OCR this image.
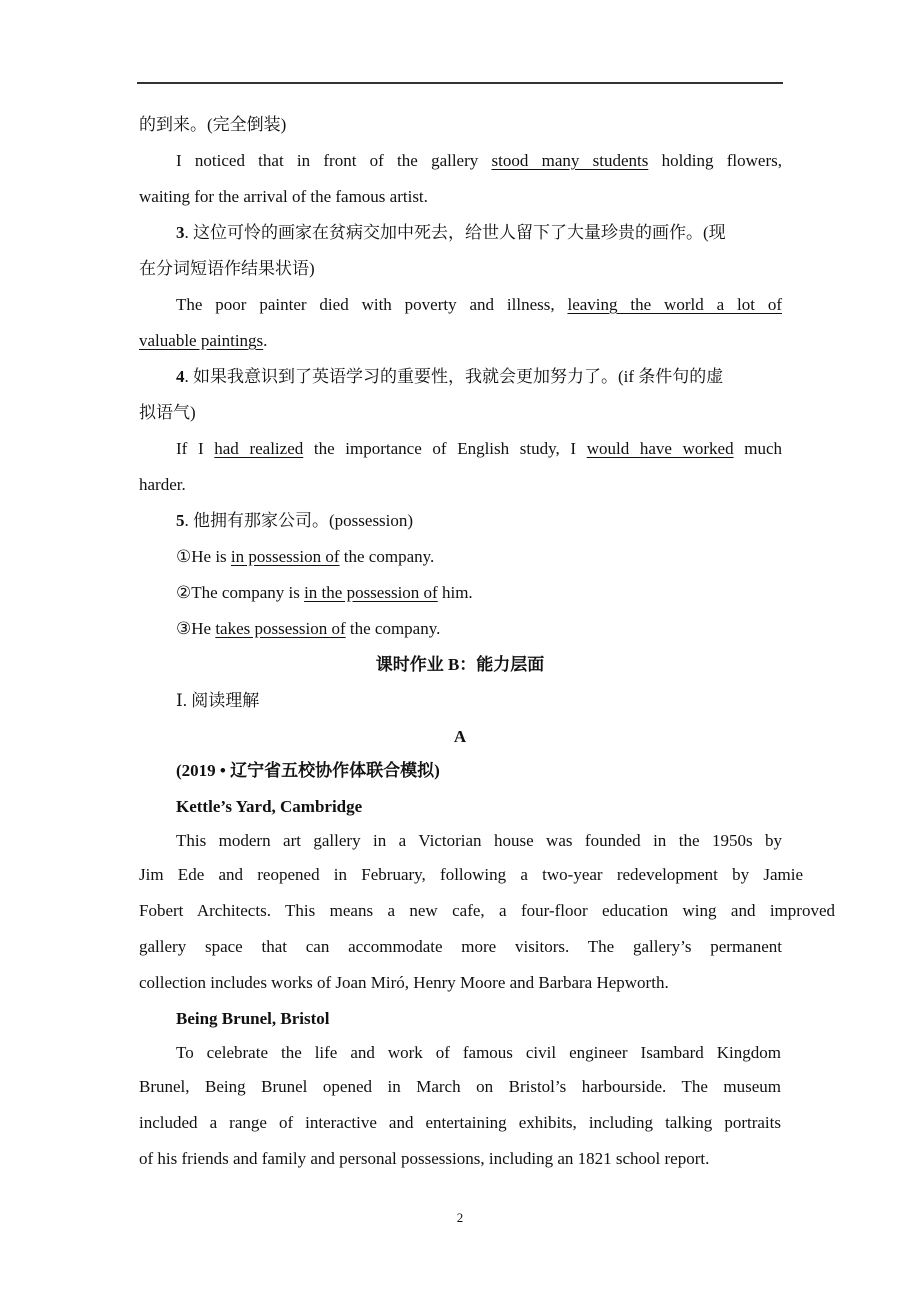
的到来。(完全倒装)
I noticed that in front of the gallery stood many students holding flowers,
waiting for the arrival of the famous artist.
3. 这位可怜的画家在贫病交加中死去，给世人留下了大量珍贵的画作。(现
在分词短语作结果状语)
The poor painter died with poverty and illness, leaving the world a lot of
valuable paintings.
4. 如果我意识到了英语学习的重要性，我就会更加努力了。(if 条件句的虚
拟语气)
If I had realized the importance of English study, I would have worked much
harder.
5. 他拥有那家公司。(possession)
①He is in possession of the company.
②The company is in the possession of him.
③He takes possession of the company.
课时作业 B：能力层面
Ⅰ. 阅读理解
A
(2019 • 辽宁省五校协作体联合模拟)
Kettle’s Yard, Cambridge
This modern art gallery in a Victorian house was founded in the 1950s by
Jim Ede and reopened in February, following a two-year redevelopment by Jamie
Fobert Architects. This means a new cafe, a four-floor education wing and improved
gallery space that can accommodate more visitors. The gallery’s permanent
collection includes works of Joan Miró, Henry Moore and Barbara Hepworth.
Being Brunel, Bristol
To celebrate the life and work of famous civil engineer Isambard Kingdom
Brunel, Being Brunel opened in March on Bristol’s harbourside. The museum
included a range of interactive and entertaining exhibits, including talking portraits
of his friends and family and personal possessions, including an 1821 school report.
2
